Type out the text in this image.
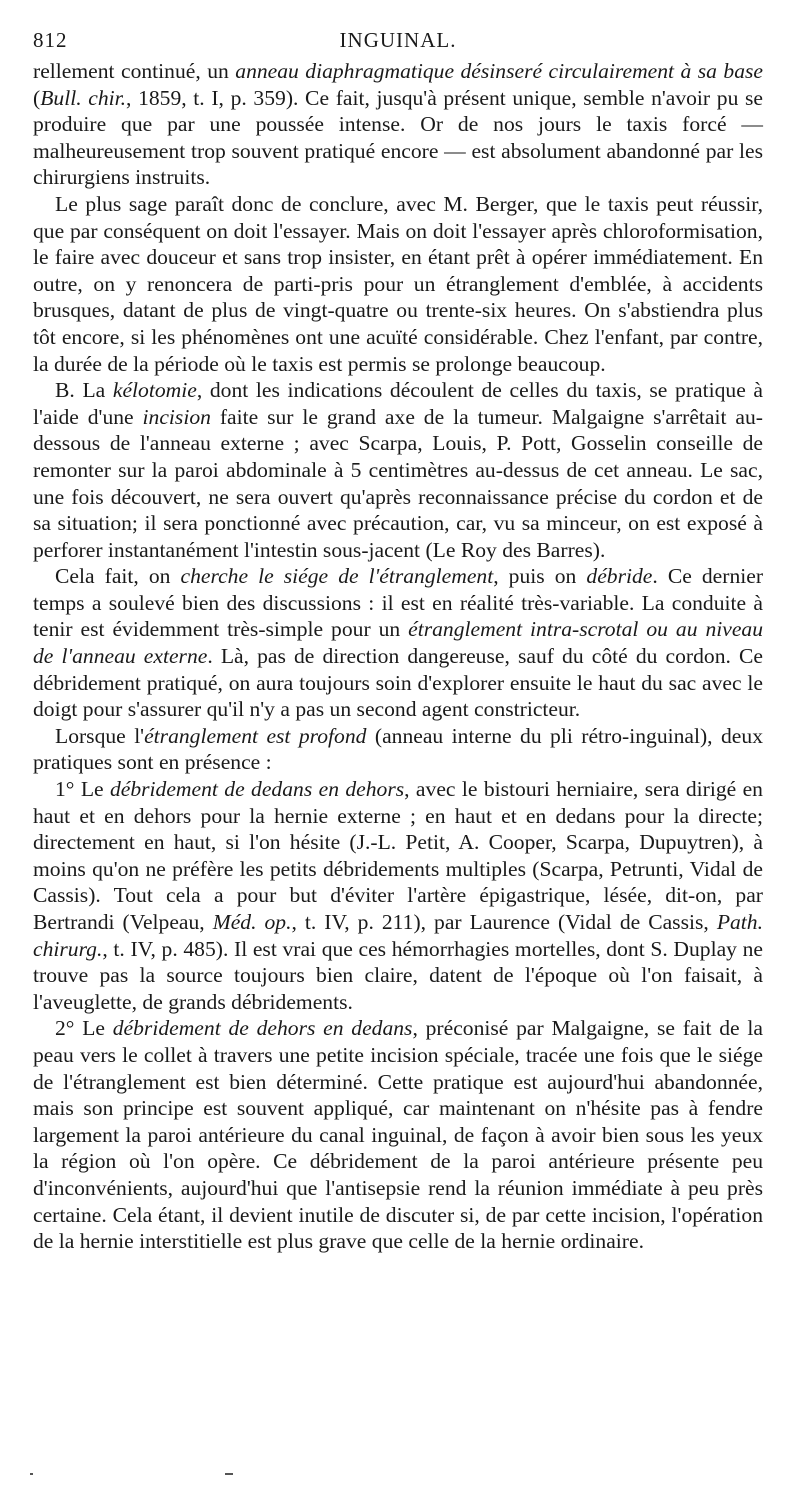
812	INGUINAL.

rellement continué, un anneau diaphragmatique désinseré circulairement à sa base (Bull. chir., 1859, t. I, p. 359). Ce fait, jusqu'à présent unique, semble n'avoir pu se produire que par une poussée intense. Or de nos jours le taxis forcé — malheureusement trop souvent pratiqué encore — est absolument abandonné par les chirurgiens instruits.

Le plus sage paraît donc de conclure, avec M. Berger, que le taxis peut réussir, que par conséquent on doit l'essayer. Mais on doit l'essayer après chloroformisation, le faire avec douceur et sans trop insister, en étant prêt à opérer immédiatement. En outre, on y renoncera de parti-pris pour un étranglement d'emblée, à accidents brusques, datant de plus de vingt-quatre ou trente-six heures. On s'abstiendra plus tôt encore, si les phénomènes ont une acuïté considérable. Chez l'enfant, par contre, la durée de la période où le taxis est permis se prolonge beaucoup.

B. La kélotomie, dont les indications découlent de celles du taxis, se pratique à l'aide d'une incision faite sur le grand axe de la tumeur. Malgaigne s'arrêtait au-dessous de l'anneau externe ; avec Scarpa, Louis, P. Pott, Gosselin conseille de remonter sur la paroi abdominale à 5 centimètres au-dessus de cet anneau. Le sac, une fois découvert, ne sera ouvert qu'après reconnaissance précise du cordon et de sa situation; il sera ponctionné avec précaution, car, vu sa minceur, on est exposé à perforer instantanément l'intestin sous-jacent (Le Roy des Barres).

Cela fait, on cherche le siége de l'étranglement, puis on débride. Ce dernier temps a soulevé bien des discussions : il est en réalité très-variable. La conduite à tenir est évidemment très-simple pour un étranglement intra-scrotal ou au niveau de l'anneau externe. Là, pas de direction dangereuse, sauf du côté du cordon. Ce débridement pratiqué, on aura toujours soin d'explorer ensuite le haut du sac avec le doigt pour s'assurer qu'il n'y a pas un second agent constricteur.

Lorsque l'étranglement est profond (anneau interne du pli rétro-inguinal), deux pratiques sont en présence :

1° Le débridement de dedans en dehors, avec le bistouri herniaire, sera dirigé en haut et en dehors pour la hernie externe ; en haut et en dedans pour la directe; directement en haut, si l'on hésite (J.-L. Petit, A. Cooper, Scarpa, Dupuytren), à moins qu'on ne préfère les petits débridements multiples (Scarpa, Petrunti, Vidal de Cassis). Tout cela a pour but d'éviter l'artère épigastrique, lésée, dit-on, par Bertrandi (Velpeau, Méd. op., t. IV, p. 211), par Laurence (Vidal de Cassis, Path. chirurg., t. IV, p. 485). Il est vrai que ces hémorrhagies mortelles, dont S. Duplay ne trouve pas la source toujours bien claire, datent de l'époque où l'on faisait, à l'aveuglette, de grands débridements.

2° Le débridement de dehors en dedans, préconisé par Malgaigne, se fait de la peau vers le collet à travers une petite incision spéciale, tracée une fois que le siége de l'étranglement est bien déterminé. Cette pratique est aujourd'hui abandonnée, mais son principe est souvent appliqué, car maintenant on n'hésite pas à fendre largement la paroi antérieure du canal inguinal, de façon à avoir bien sous les yeux la région où l'on opère. Ce débridement de la paroi antérieure présente peu d'inconvénients, aujourd'hui que l'antisepsie rend la réunion immédiate à peu près certaine. Cela étant, il devient inutile de discuter si, de par cette incision, l'opération de la hernie interstitielle est plus grave que celle de la hernie ordinaire.
